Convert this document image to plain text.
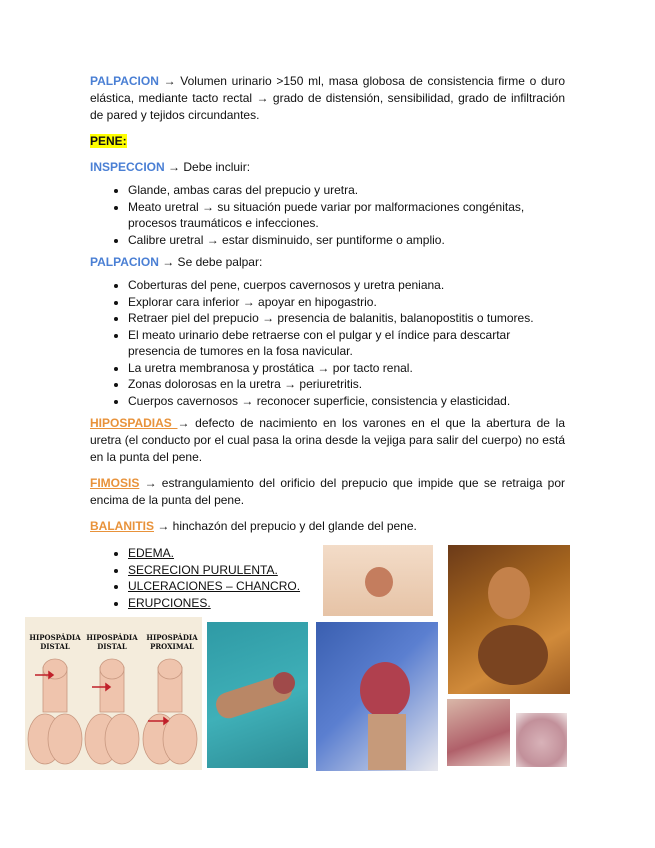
PALPACION → Volumen urinario >150 ml, masa globosa de consistencia firme o duro elástica, mediante tacto rectal → grado de distensión, sensibilidad, grado de infiltración de pared y tejidos circundantes.

PENE:

INSPECCION → Debe incluir:

• Glande, ambas caras del prepucio y uretra.
• Meato uretral → su situación puede variar por malformaciones congénitas, procesos traumáticos e infecciones.
• Calibre uretral → estar disminuido, ser puntiforme o amplio.

PALPACION → Se debe palpar:

• Coberturas del pene, cuerpos cavernosos y uretra peniana.
• Explorar cara inferior → apoyar en hipogastrio.
• Retraer piel del prepucio → presencia de balanitis, balanopostitis o tumores.
• El meato urinario debe retraerse con el pulgar y el índice para descartar presencia de tumores en la fosa navicular.
• La uretra membranosa y prostática → por tacto renal.
• Zonas dolorosas en la uretra → periuretritis.
• Cuerpos cavernosos → reconocer superficie, consistencia y elasticidad.

HIPOSPADIAS → defecto de nacimiento en los varones en el que la abertura de la uretra (el conducto por el cual pasa la orina desde la vejiga para salir del cuerpo) no está en la punta del pene.

FIMOSIS → estrangulamiento del orificio del prepucio que impide que se retraiga por encima de la punta del pene.

BALANITIS → hinchazón del prepucio y del glande del pene.

• EDEMA.
• SECRECION PURULENTA.
• ULCERACIONES – CHANCRO.
• ERUPCIONES.
HIPOSPÁDIA
DISTAL
HIPOSPÁDIA
DISTAL
HIPOSPÁDIA
PROXIMAL
